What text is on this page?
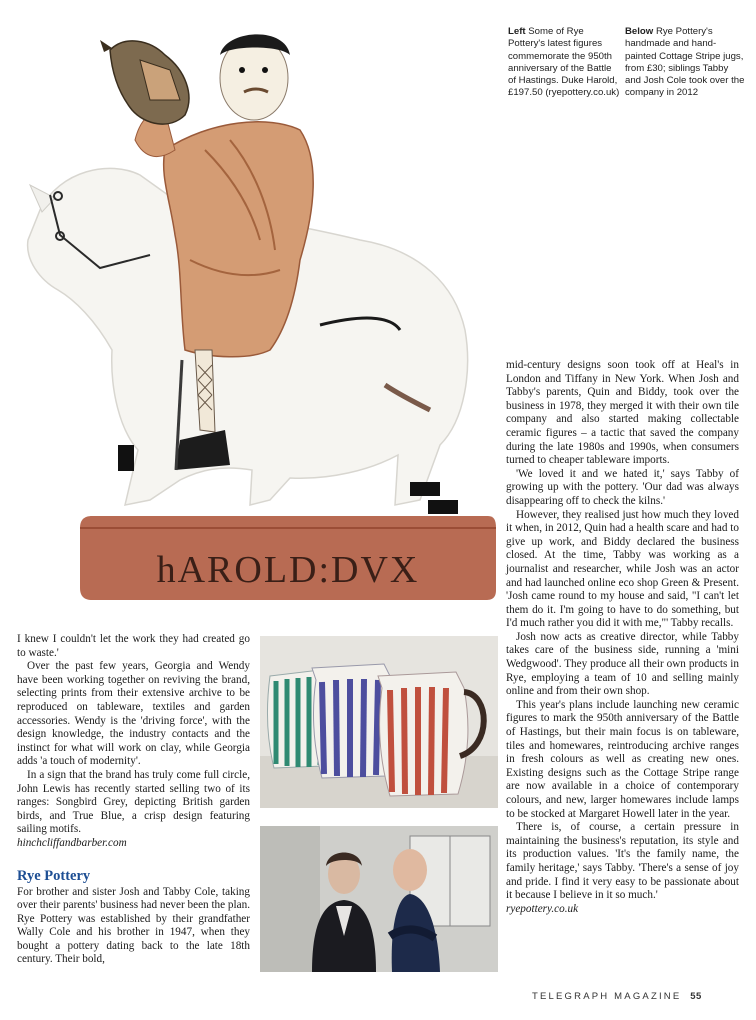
hAROLD:DVX
Left Some of Rye Pottery's latest figures commemorate the 950th anniversary of the Battle of Hastings. Duke Harold, £197.50 (ryepottery.co.uk)
Below Rye Pottery's handmade and hand-painted Cottage Stripe jugs, from £30; siblings Tabby and Josh Cole took over the company in 2012

I knew I couldn't let the work they had created go to waste.'

Over the past few years, Georgia and Wendy have been working together on reviving the brand, selecting prints from their extensive archive to be reproduced on tableware, textiles and garden accessories. Wendy is the 'driving force', with the design knowledge, the industry contacts and the instinct for what will work on clay, while Georgia adds 'a touch of modernity'.

In a sign that the brand has truly come full circle, John Lewis has recently started selling two of its ranges: Songbird Grey, depicting British garden birds, and True Blue, a crisp design featuring sailing motifs.

hinchcliffandbarber.com

Rye Pottery

For brother and sister Josh and Tabby Cole, taking over their parents' business had never been the plan. Rye Pottery was established by their grandfather Wally Cole and his brother in 1947, when they bought a pottery dating back to the late 18th century. Their bold,

mid-century designs soon took off at Heal's in London and Tiffany in New York. When Josh and Tabby's parents, Quin and Biddy, took over the business in 1978, they merged it with their own tile company and also started making collectable ceramic figures – a tactic that saved the company during the late 1980s and 1990s, when consumers turned to cheaper tableware imports.

'We loved it and we hated it,' says Tabby of growing up with the pottery. 'Our dad was always disappearing off to check the kilns.'

However, they realised just how much they loved it when, in 2012, Quin had a health scare and had to give up work, and Biddy declared the business closed. At the time, Tabby was working as a journalist and researcher, while Josh was an actor and had launched online eco shop Green & Present. 'Josh came round to my house and said, "I can't let them do it. I'm going to have to do something, but I'd much rather you did it with me,"' Tabby recalls.

Josh now acts as creative director, while Tabby takes care of the business side, running a 'mini Wedgwood'. They produce all their own products in Rye, employing a team of 10 and selling mainly online and from their own shop.

This year's plans include launching new ceramic figures to mark the 950th anniversary of the Battle of Hastings, but their main focus is on tableware, tiles and homewares, reintroducing archive ranges in fresh colours as well as creating new ones. Existing designs such as the Cottage Stripe range are now available in a choice of contemporary colours, and new, larger homewares include lamps to be stocked at Margaret Howell later in the year.

There is, of course, a certain pressure in maintaining the business's reputation, its style and its production values. 'It's the family name, the family heritage,' says Tabby. 'There's a sense of joy and pride. I find it very easy to be passionate about it because I believe in it so much.'

ryepottery.co.uk

TELEGRAPH MAGAZINE 55
